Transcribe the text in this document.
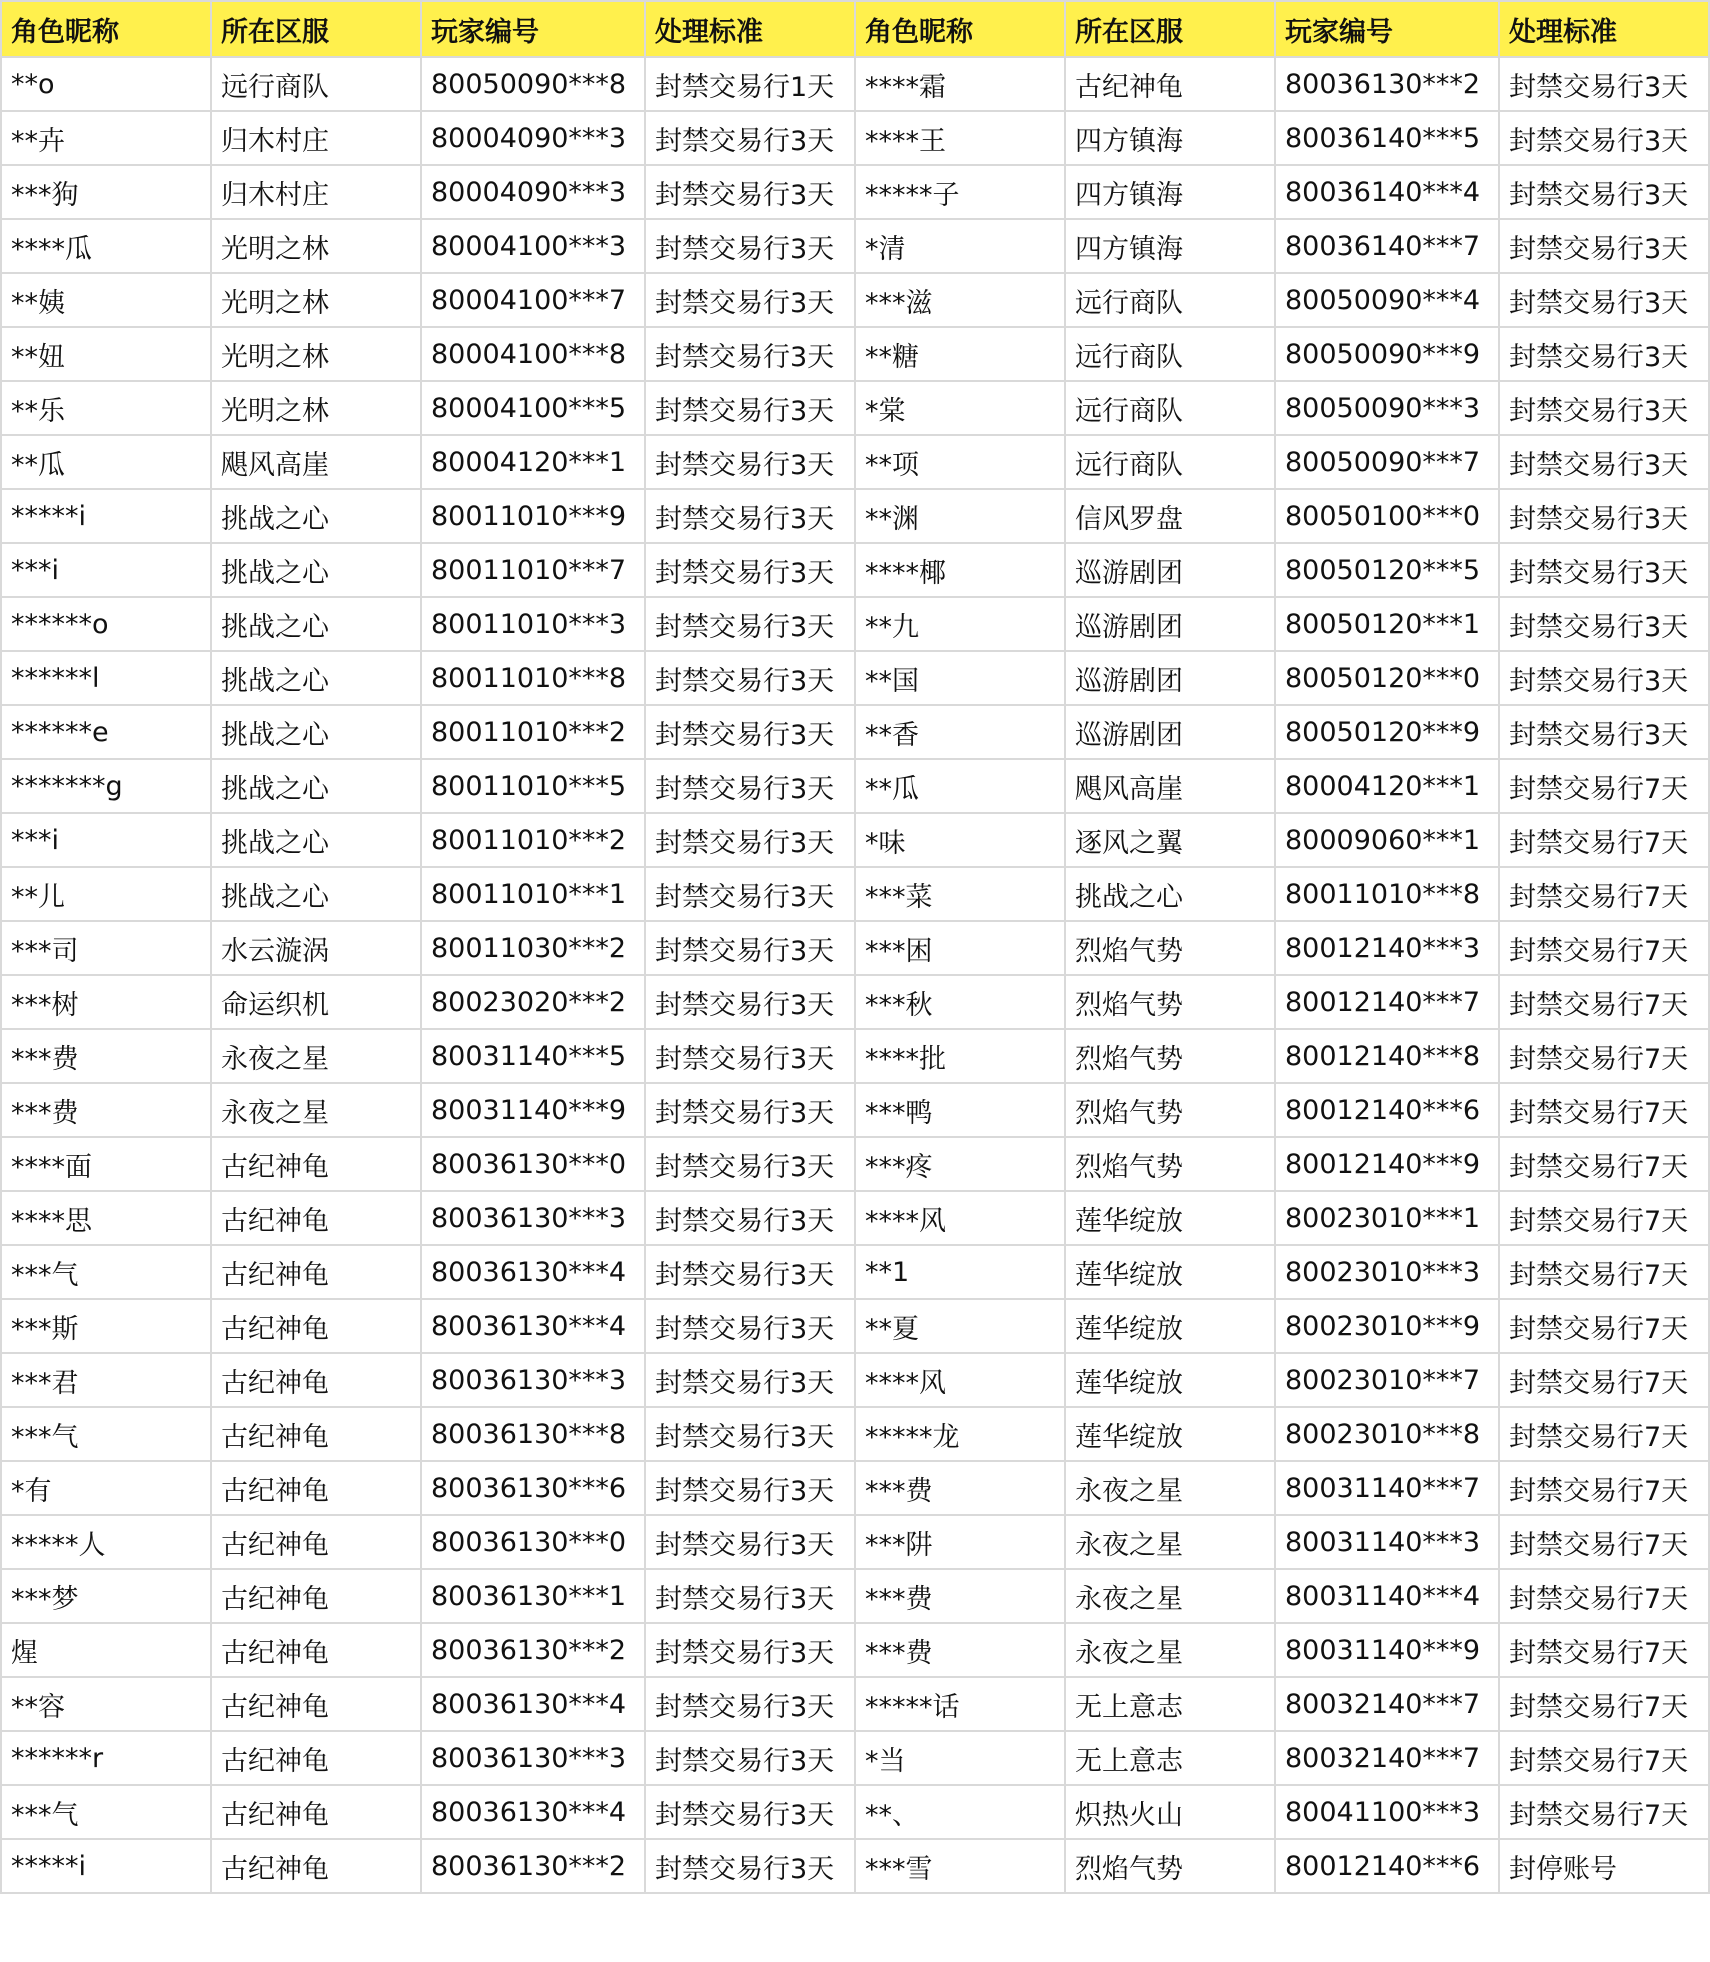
角色昵称	所在区服	玩家编号	处理标准	角色昵称	所在区服	玩家编号	处理标准
**o	远行商队	80050090***8	封禁交易行1天	****霜	古纪神龟	80036130***2	封禁交易行3天
**卉	归木村庄	80004090***3	封禁交易行3天	****王	四方镇海	80036140***5	封禁交易行3天
***狗	归木村庄	80004090***3	封禁交易行3天	*****子	四方镇海	80036140***4	封禁交易行3天
****瓜	光明之林	80004100***3	封禁交易行3天	*清	四方镇海	80036140***7	封禁交易行3天
**姨	光明之林	80004100***7	封禁交易行3天	***滋	远行商队	80050090***4	封禁交易行3天
**妞	光明之林	80004100***8	封禁交易行3天	**糖	远行商队	80050090***9	封禁交易行3天
**乐	光明之林	80004100***5	封禁交易行3天	*棠	远行商队	80050090***3	封禁交易行3天
**瓜	飓风高崖	80004120***1	封禁交易行3天	**项	远行商队	80050090***7	封禁交易行3天
*****i	挑战之心	80011010***9	封禁交易行3天	**渊	信风罗盘	80050100***0	封禁交易行3天
***i	挑战之心	80011010***7	封禁交易行3天	****椰	巡游剧团	80050120***5	封禁交易行3天
******o	挑战之心	80011010***3	封禁交易行3天	**九	巡游剧团	80050120***1	封禁交易行3天
******l	挑战之心	80011010***8	封禁交易行3天	**国	巡游剧团	80050120***0	封禁交易行3天
******e	挑战之心	80011010***2	封禁交易行3天	**香	巡游剧团	80050120***9	封禁交易行3天
*******g	挑战之心	80011010***5	封禁交易行3天	**瓜	飓风高崖	80004120***1	封禁交易行7天
***i	挑战之心	80011010***2	封禁交易行3天	*味	逐风之翼	80009060***1	封禁交易行7天
**儿	挑战之心	80011010***1	封禁交易行3天	***菜	挑战之心	80011010***8	封禁交易行7天
***司	水云漩涡	80011030***2	封禁交易行3天	***困	烈焰气势	80012140***3	封禁交易行7天
***树	命运织机	80023020***2	封禁交易行3天	***秋	烈焰气势	80012140***7	封禁交易行7天
***费	永夜之星	80031140***5	封禁交易行3天	****批	烈焰气势	80012140***8	封禁交易行7天
***费	永夜之星	80031140***9	封禁交易行3天	***鸭	烈焰气势	80012140***6	封禁交易行7天
****面	古纪神龟	80036130***0	封禁交易行3天	***疼	烈焰气势	80012140***9	封禁交易行7天
****思	古纪神龟	80036130***3	封禁交易行3天	****风	莲华绽放	80023010***1	封禁交易行7天
***气	古纪神龟	80036130***4	封禁交易行3天	**1	莲华绽放	80023010***3	封禁交易行7天
***斯	古纪神龟	80036130***4	封禁交易行3天	**夏	莲华绽放	80023010***9	封禁交易行7天
***君	古纪神龟	80036130***3	封禁交易行3天	****风	莲华绽放	80023010***7	封禁交易行7天
***气	古纪神龟	80036130***8	封禁交易行3天	*****龙	莲华绽放	80023010***8	封禁交易行7天
*有	古纪神龟	80036130***6	封禁交易行3天	***费	永夜之星	80031140***7	封禁交易行7天
*****人	古纪神龟	80036130***0	封禁交易行3天	***阱	永夜之星	80031140***3	封禁交易行7天
***梦	古纪神龟	80036130***1	封禁交易行3天	***费	永夜之星	80031140***4	封禁交易行7天
煋	古纪神龟	80036130***2	封禁交易行3天	***费	永夜之星	80031140***9	封禁交易行7天
**容	古纪神龟	80036130***4	封禁交易行3天	*****话	无上意志	80032140***7	封禁交易行7天
******r	古纪神龟	80036130***3	封禁交易行3天	*当	无上意志	80032140***7	封禁交易行7天
***气	古纪神龟	80036130***4	封禁交易行3天	**、	炽热火山	80041100***3	封禁交易行7天
*****i	古纪神龟	80036130***2	封禁交易行3天	***雪	烈焰气势	80012140***6	封停账号
